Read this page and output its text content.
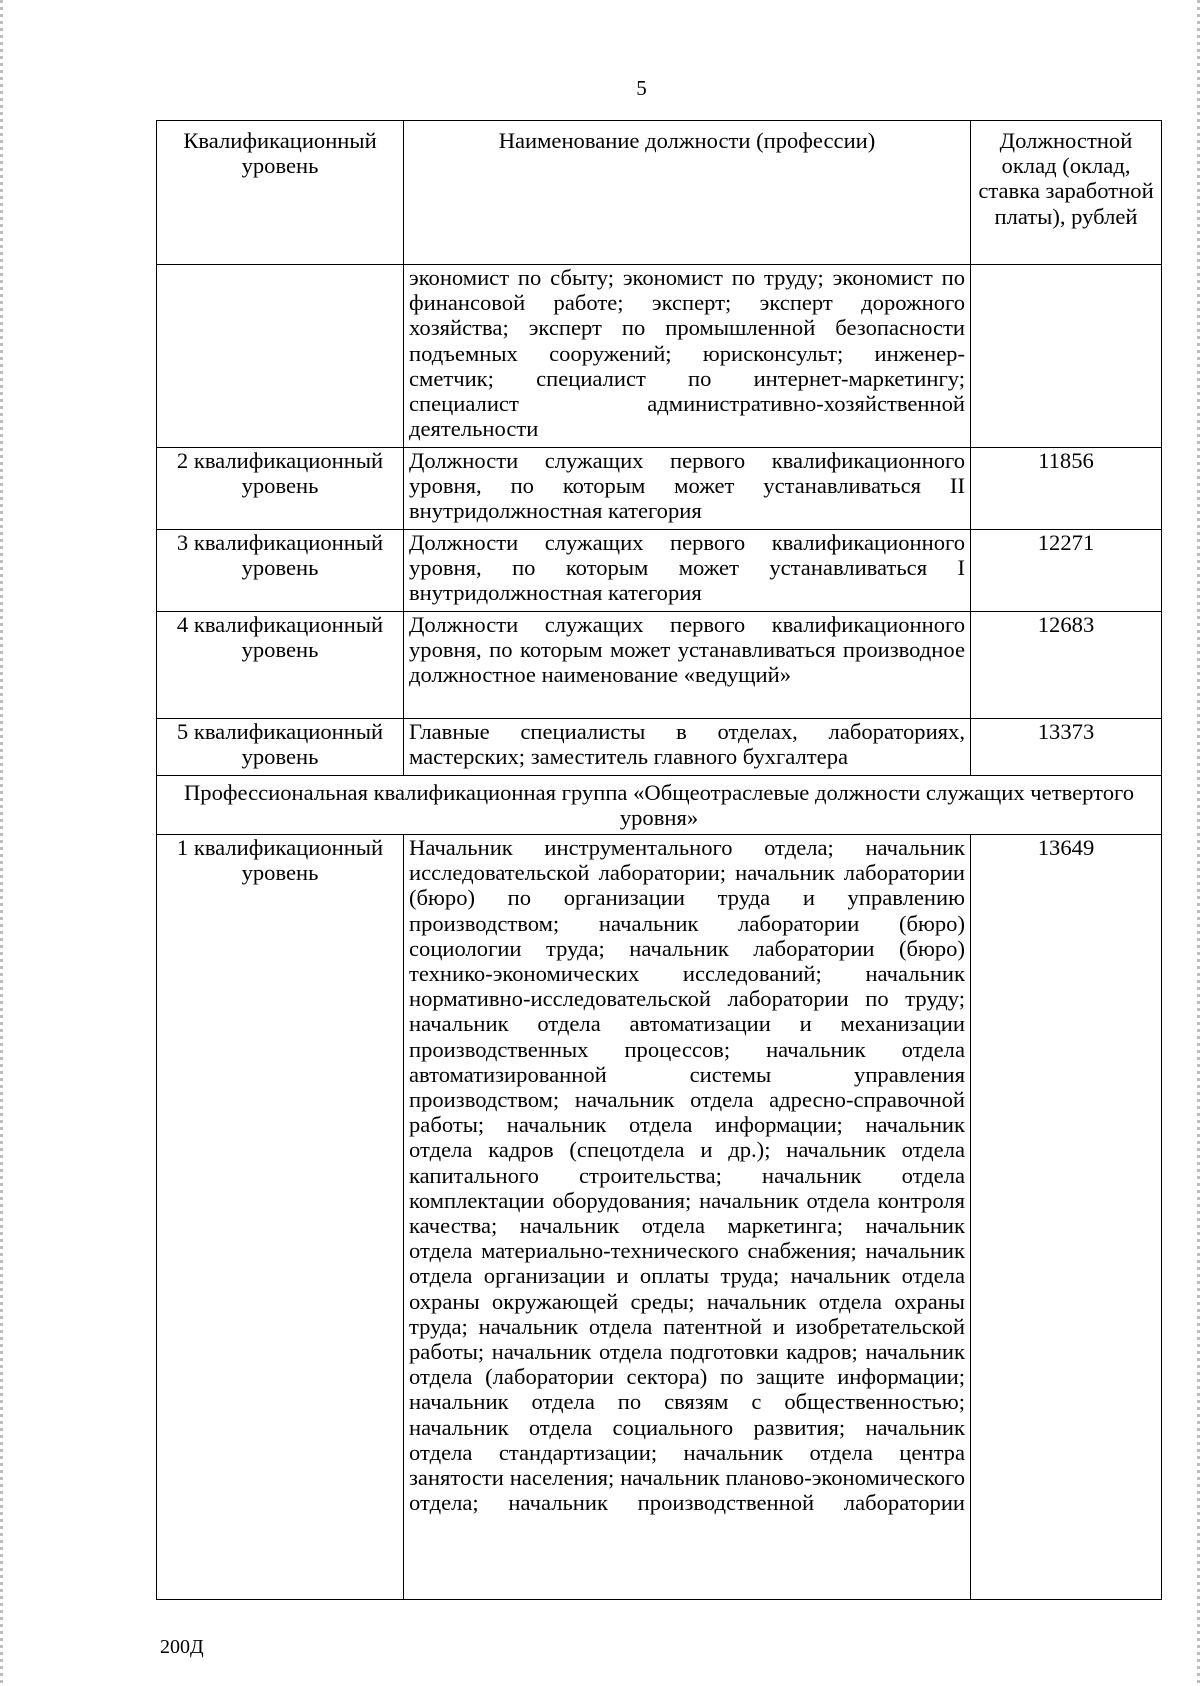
5
Квалификационный уровень	Наименование должности (профессии)	Должностной оклад (оклад, ставка заработной платы), рублей
	экономист по сбыту; экономист по труду; экономист по финансовой работе; эксперт; эксперт дорожного хозяйства; эксперт по промышленной безопасности подъемных сооружений; юрисконсульт; инженер-сметчик; специалист по интернет-маркетингу; специалист административно-хозяйственной деятельности	
2 квалификационный уровень	Должности служащих первого квалификационного уровня, по которым может устанавливаться II внутридолжностная категория	11856
3 квалификационный уровень	Должности служащих первого квалификационного уровня, по которым может устанавливаться I внутридолжностная категория	12271
4 квалификационный уровень	Должности служащих первого квалификационного уровня, по которым может устанавливаться производное должностное наименование «ведущий»	12683
5 квалификационный уровень	Главные специалисты в отделах, лабораториях, мастерских; заместитель главного бухгалтера	13373
Профессиональная квалификационная группа «Общеотраслевые должности служащих четвертого уровня»		
1 квалификационный уровень	Начальник инструментального отдела; начальник исследовательской лаборатории; начальник лаборатории (бюро) по организации труда и управлению производством; начальник лаборатории (бюро) социологии труда; начальник лаборатории (бюро) технико-экономических исследований; начальник нормативно-исследовательской лаборатории по труду; начальник отдела автоматизации и механизации производственных процессов; начальник отдела автоматизированной системы управления производством; начальник отдела адресно-справочной работы; начальник отдела информации; начальник отдела кадров (спецотдела и др.); начальник отдела капитального строительства; начальник отдела комплектации оборудования; начальник отдела контроля качества; начальник отдела маркетинга; начальник отдела материально-технического снабжения; начальник отдела организации и оплаты труда; начальник отдела охраны окружающей среды; начальник отдела охраны труда; начальник отдела патентной и изобретательской работы; начальник отдела подготовки кадров; начальник отдела (лаборатории сектора) по защите информации; начальник отдела по связям с общественностью; начальник отдела социального развития; начальник отдела стандартизации; начальник отдела центра занятости населения; начальник планово-экономического отдела; начальник производственной лаборатории	13649
200Д
